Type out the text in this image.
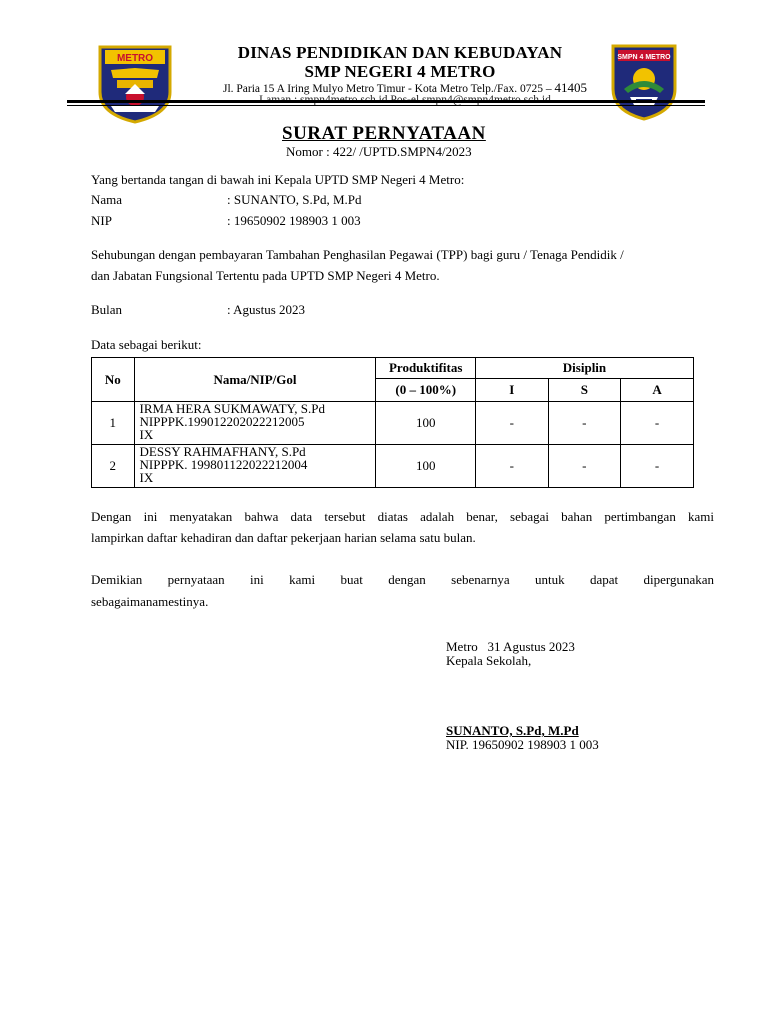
METRO	SMPN 4 METRO
DINAS PENDIDIKAN DAN KEBUDAYAN
SMP NEGERI 4 METRO
Jl. Paria 15 A Iring Mulyo Metro Timur - Kota Metro Telp./Fax. 0725 – 41405
SURAT PERNYATAAN
Nomor : 422/ /UPTD.SMPN4/2023
Yang bertanda tangan di bawah ini Kepala UPTD SMP Negeri 4 Metro:
Nama	: SUNANTO, S.Pd, M.Pd
NIP	: 19650902 198903 1 003
Sehubungan dengan pembayaran Tambahan Penghasilan Pegawai (TPP) bagi guru / Tenaga Pendidik /
dan Jabatan Fungsional Tertentu pada UPTD SMP Negeri 4 Metro.
Bulan	: Agustus 2023
Data sebagai berikut:
No	Nama/NIP/Gol	Produktifitas	Disiplin		
		(0 – 100%)	I	S	A
1	IRMA HERA SUKMAWATY, S.Pd
NIPPPK.199012202022212005
IX	100	-	-	-
2	DESSY RAHMAFHANY, S.Pd
NIPPPK. 199801122022212004
IX	100	-	-	-
Dengan ini menyatakan bahwa data tersebut diatas adalah benar, sebagai bahan pertimbangan kami
lampirkan daftar kehadiran dan daftar pekerjaan harian selama satu bulan.
Demikian pernyataan ini kami buat dengan sebenarnya untuk dapat dipergunakan
sebagaimanamestinya.
Metro   31 Agustus 2023
Kepala Sekolah,
SUNANTO, S.Pd, M.Pd
NIP. 19650902 198903 1 003
